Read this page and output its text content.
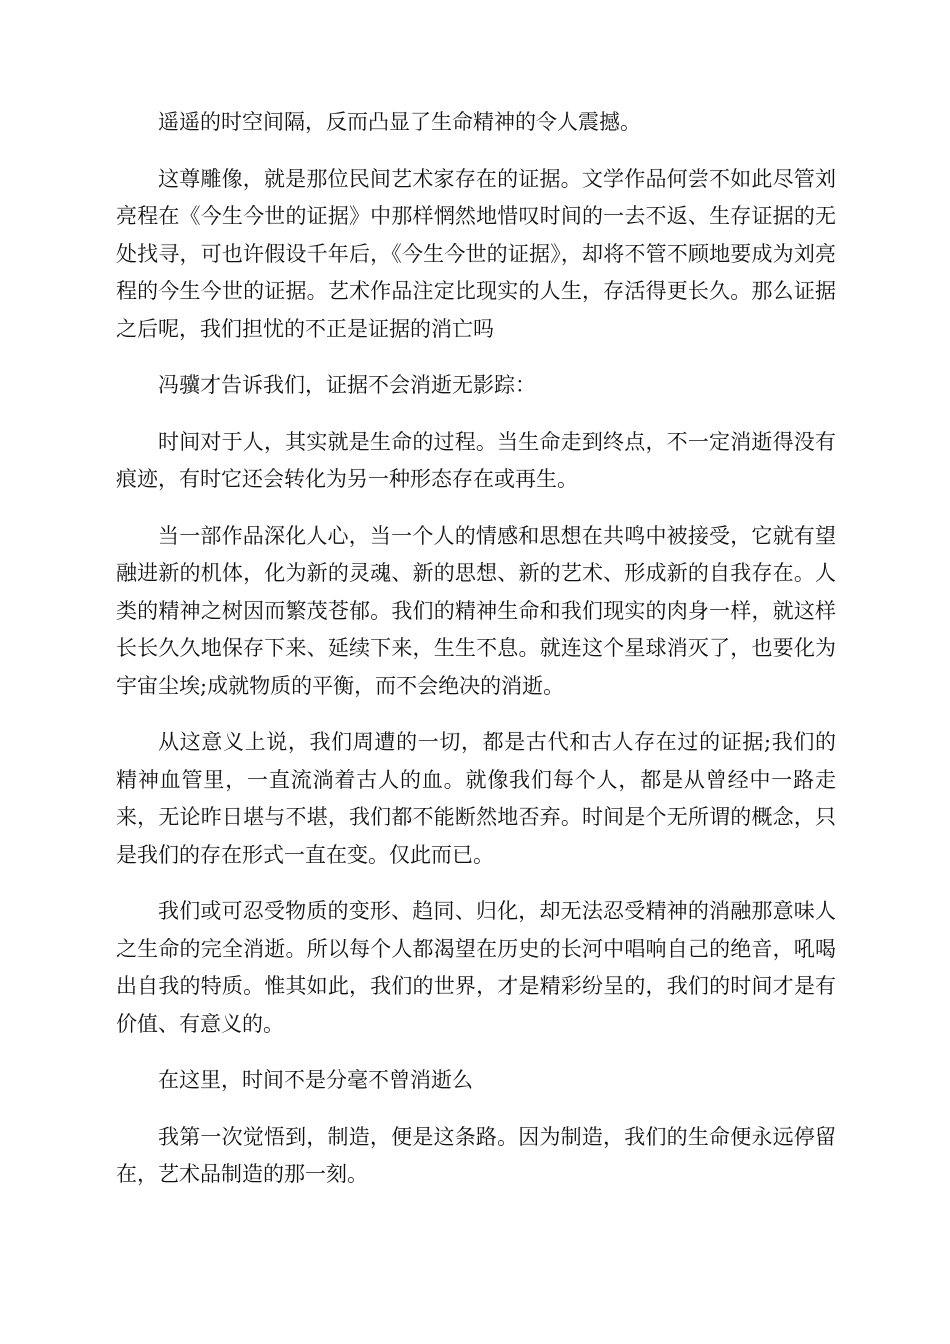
遥遥的时空间隔，反而凸显了生命精神的令人震撼。

这尊雕像，就是那位民间艺术家存在的证据。文学作品何尝不如此尽管刘亮程在《今生今世的证据》中那样惘然地惜叹时间的一去不返、生存证据的无处找寻，可也许假设千年后，《今生今世的证据》，却将不管不顾地要成为刘亮程的今生今世的证据。艺术作品注定比现实的人生，存活得更长久。那么证据之后呢，我们担忧的不正是证据的消亡吗

冯骥才告诉我们，证据不会消逝无影踪：

时间对于人，其实就是生命的过程。当生命走到终点，不一定消逝得没有痕迹，有时它还会转化为另一种形态存在或再生。

当一部作品深化人心，当一个人的情感和思想在共鸣中被接受，它就有望融进新的机体，化为新的灵魂、新的思想、新的艺术、形成新的自我存在。人类的精神之树因而繁茂苍郁。我们的精神生命和我们现实的肉身一样，就这样长长久久地保存下来、延续下来，生生不息。就连这个星球消灭了，也要化为宇宙尘埃;成就物质的平衡，而不会绝决的消逝。

从这意义上说，我们周遭的一切，都是古代和古人存在过的证据;我们的精神血管里，一直流淌着古人的血。就像我们每个人，都是从曾经中一路走来，无论昨日堪与不堪，我们都不能断然地否弃。时间是个无所谓的概念，只是我们的存在形式一直在变。仅此而已。

我们或可忍受物质的变形、趋同、归化，却无法忍受精神的消融那意味人之生命的完全消逝。所以每个人都渴望在历史的长河中唱响自己的绝音，吼喝出自我的特质。惟其如此，我们的世界，才是精彩纷呈的，我们的时间才是有价值、有意义的。

在这里，时间不是分毫不曾消逝么

我第一次觉悟到，制造，便是这条路。因为制造，我们的生命便永远停留在，艺术品制造的那一刻。
